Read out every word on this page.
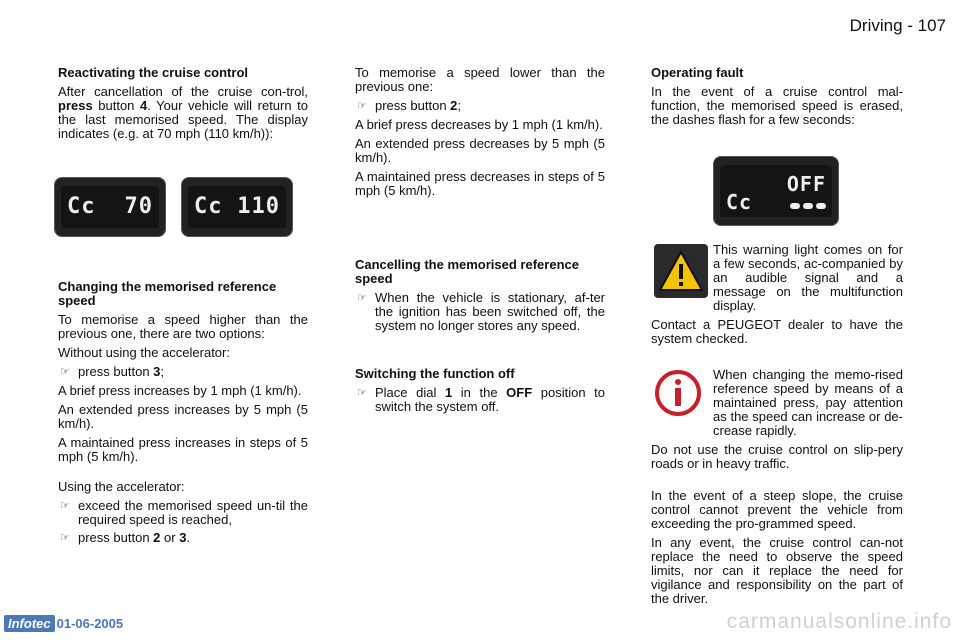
Driving - 107
Reactivating the cruise control

After cancellation of the cruise con-trol, press button 4. Your vehicle will return to the last memorised speed. The display indicates (e.g. at 70 mph (110 km/h)):

Cc 70 Cc 110
Changing the memorised reference speed

To memorise a speed higher than the previous one, there are two options:

Without using the accelerator:

☞ press button 3;

A brief press increases by 1 mph (1 km/h).

An extended press increases by 5 mph (5 km/h).

A maintained press increases in steps of 5 mph (5 km/h).

Using the accelerator:

☞ exceed the memorised speed un-til the required speed is reached,
☞ press button 2 or 3.

To memorise a speed lower than the previous one:

☞ press button 2;

A brief press decreases by 1 mph (1 km/h).

An extended press decreases by 5 mph (5 km/h).

A maintained press decreases in steps of 5 mph (5 km/h).

Cancelling the memorised reference speed
☞ When the vehicle is stationary, af-ter the ignition has been switched off, the system no longer stores any speed.
Switching the function off
☞ Place dial 1 in the OFF position to switch the system off.
Operating fault

In the event of a cruise control mal-function, the memorised speed is erased, the dashes flash for a few seconds:

OFF
Cc

This warning light comes on for a few seconds, ac-companied by an audible signal and a message on the multifunction display.

Contact a PEUGEOT dealer to have the system checked.

When changing the memo-rised reference speed by means of a maintained press, pay attention as the speed can increase or de-crease rapidly.

Do not use the cruise control on slip-pery roads or in heavy traffic.

In the event of a steep slope, the cruise control cannot prevent the vehicle from exceeding the pro-grammed speed.

In any event, the cruise control can-not replace the need to observe the speed limits, nor can it replace the need for vigilance and responsibility on the part of the driver.

Infotec 01-06-2005	carmanualsonline.info
